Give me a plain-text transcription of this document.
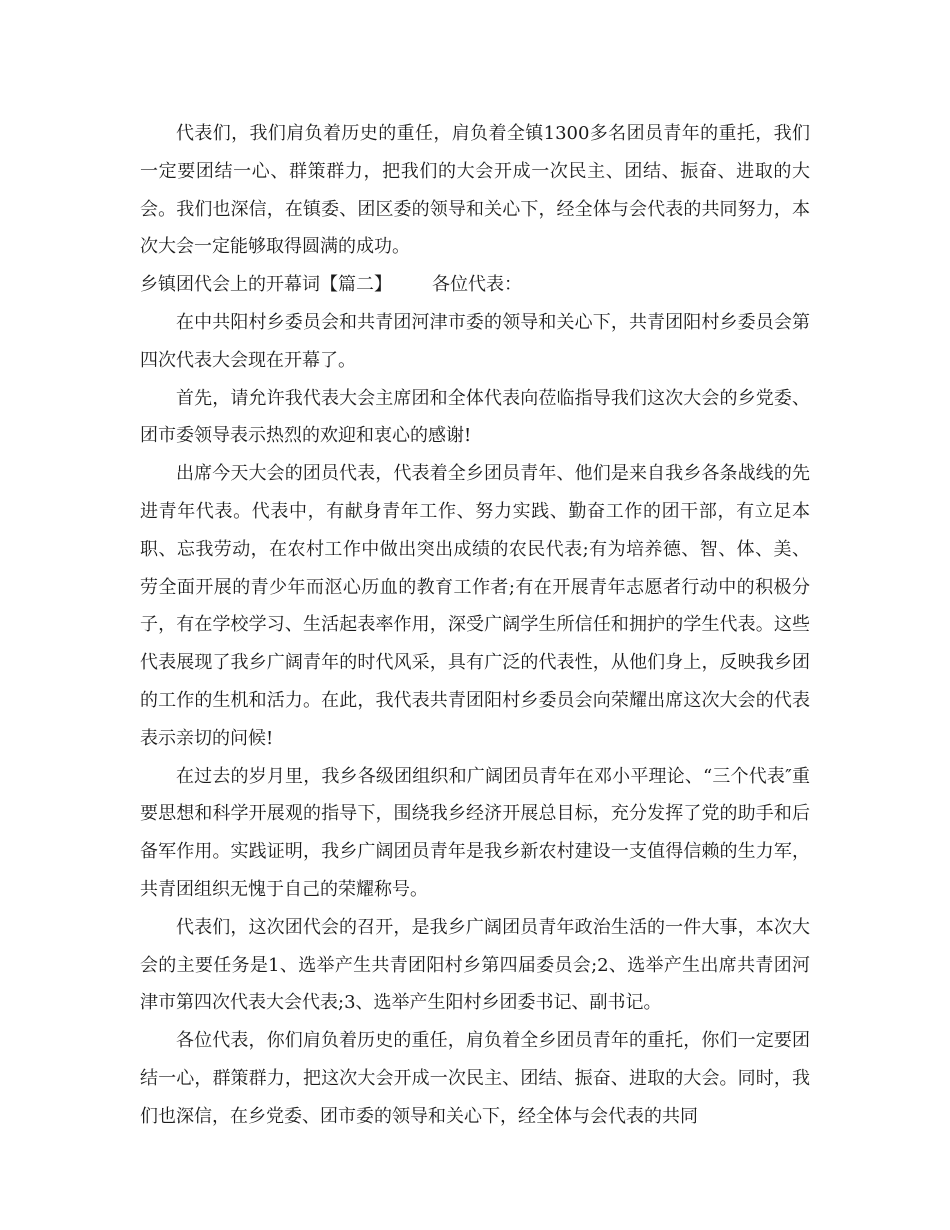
代表们，我们肩负着历史的重任，肩负着全镇1300多名团员青年的重托，我们一定要团结一心、群策群力，把我们的大会开成一次民主、团结、振奋、进取的大会。我们也深信，在镇委、团区委的领导和关心下，经全体与会代表的共同努力，本次大会一定能够取得圆满的成功。

乡镇团代会上的开幕词【篇二】 各位代表：

在中共阳村乡委员会和共青团河津市委的领导和关心下，共青团阳村乡委员会第四次代表大会现在开幕了。

首先，请允许我代表大会主席团和全体代表向莅临指导我们这次大会的乡党委、团市委领导表示热烈的欢迎和衷心的感谢!

出席今天大会的团员代表，代表着全乡团员青年、他们是来自我乡各条战线的先进青年代表。代表中，有献身青年工作、努力实践、勤奋工作的团干部，有立足本职、忘我劳动，在农村工作中做出突出成绩的农民代表;有为培养德、智、体、美、劳全面开展的青少年而沤心历血的教育工作者;有在开展青年志愿者行动中的积极分子，有在学校学习、生活起表率作用，深受广阔学生所信任和拥护的学生代表。这些代表展现了我乡广阔青年的时代风采，具有广泛的代表性，从他们身上，反映我乡团的工作的生机和活力。在此，我代表共青团阳村乡委员会向荣耀出席这次大会的代表表示亲切的问候!

在过去的岁月里，我乡各级团组织和广阔团员青年在邓小平理论、“三个代表″重要思想和科学开展观的指导下，围绕我乡经济开展总目标，充分发挥了党的助手和后备军作用。实践证明，我乡广阔团员青年是我乡新农村建设一支值得信赖的生力军，共青团组织无愧于自己的荣耀称号。

代表们，这次团代会的召开，是我乡广阔团员青年政治生活的一件大事，本次大会的主要任务是1、选举产生共青团阳村乡第四届委员会;2、选举产生出席共青团河津市第四次代表大会代表;3、选举产生阳村乡团委书记、副书记。

各位代表，你们肩负着历史的重任，肩负着全乡团员青年的重托，你们一定要团结一心，群策群力，把这次大会开成一次民主、团结、振奋、进取的大会。同时，我们也深信，在乡党委、团市委的领导和关心下，经全体与会代表的共同
